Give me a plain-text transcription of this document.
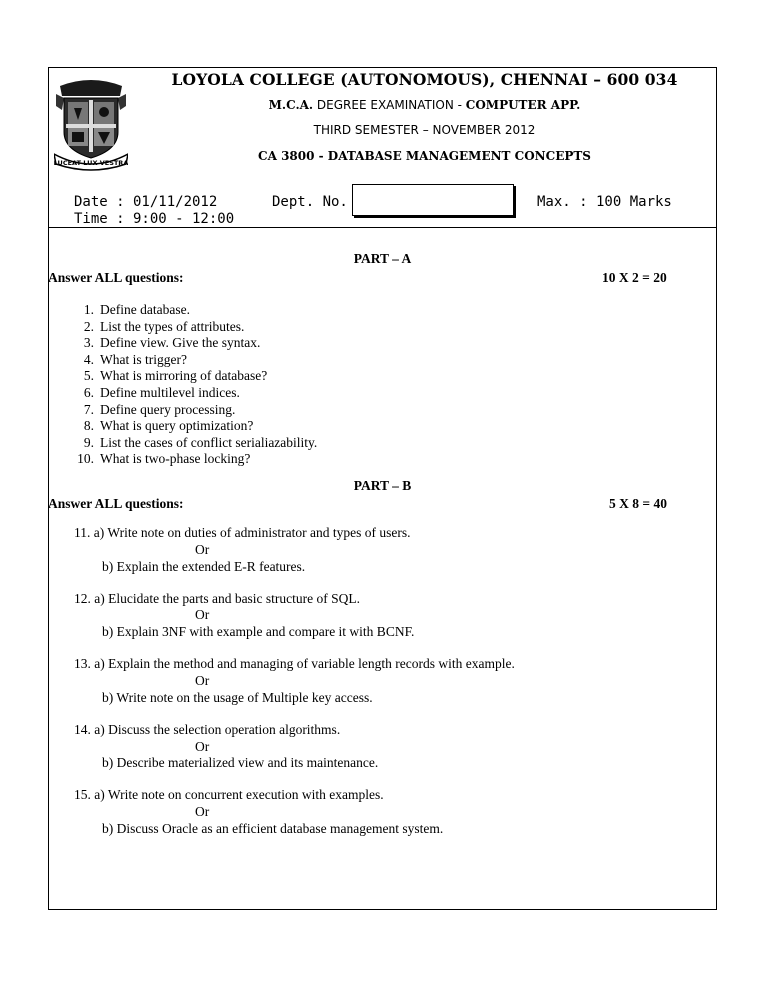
LUCEAT LUX VESTRA
LOYOLA COLLEGE (AUTONOMOUS), CHENNAI – 600 034
M.C.A. DEGREE EXAMINATION - COMPUTER APP.
THIRD SEMESTER – NOVEMBER 2012
CA 3800 - DATABASE MANAGEMENT CONCEPTS
Date : 01/11/2012
Time : 9:00 - 12:00
Dept. No.	Max. : 100 Marks
PART – A
Answer ALL questions:	10 X 2 = 20
1. Define database.
2. List the types of attributes.
3. Define view. Give the syntax.
4. What is trigger?
5. What is mirroring of database?
6. Define multilevel indices.
7. Define query processing.
8. What is query optimization?
9. List the cases of conflict serialiazability.
10. What is two-phase locking?
PART – B
Answer ALL questions:	5 X 8 = 40
11. a) Write note on duties of administrator and types of users.
Or
b) Explain the extended E-R features.
12. a) Elucidate the parts and basic structure of SQL.
Or
b) Explain 3NF with example and compare it with BCNF.
13. a) Explain the method and managing of variable length records with example.
Or
b) Write note on the usage of Multiple key access.
14. a) Discuss the selection operation algorithms.
Or
b) Describe materialized view and its maintenance.
15. a) Write note on concurrent execution with examples.
Or
b) Discuss Oracle as an efficient database management system.
